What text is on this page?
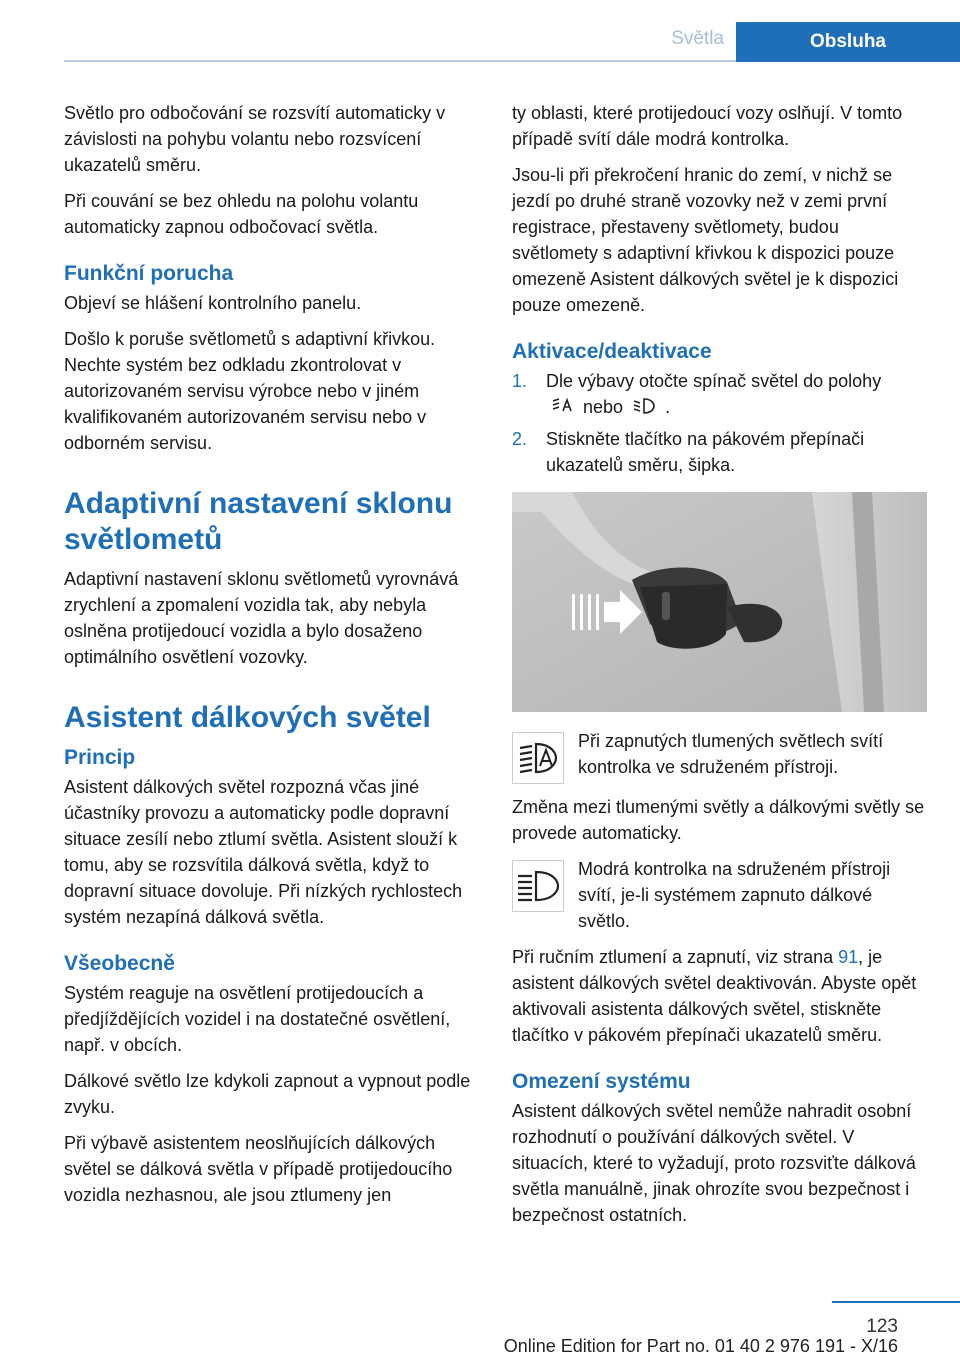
Světla	Obsluha

Světlo pro odbočování se rozsvítí automaticky v závislosti na pohybu volantu nebo rozsvícení ukazatelů směru.

Při couvání se bez ohledu na polohu volantu automaticky zapnou odbočovací světla.

Funkční porucha

Objeví se hlášení kontrolního panelu.

Došlo k poruše světlometů s adaptivní křivkou. Nechte systém bez odkladu zkontrolovat v autorizovaném servisu výrobce nebo v jiném kvalifikovaném autorizovaném servisu nebo v odborném servisu.

Adaptivní nastavení sklonu světlometů

Adaptivní nastavení sklonu světlometů vyrovnává zrychlení a zpomalení vozidla tak, aby nebyla oslněna protijedoucí vozidla a bylo dosaženo optimálního osvětlení vozovky.

Asistent dálkových světel
Princip

Asistent dálkových světel rozpozná včas jiné účastníky provozu a automaticky podle dopravní situace zesílí nebo ztlumí světla. Asistent slouží k tomu, aby se rozsvítila dálková světla, když to dopravní situace dovoluje. Při nízkých rychlostech systém nezapíná dálková světla.

Všeobecně

Systém reaguje na osvětlení protijedoucích a předjíždějících vozidel i na dostatečné osvětlení, např. v obcích.

Dálkové světlo lze kdykoli zapnout a vypnout podle zvyku.

Při výbavě asistentem neoslňujících dálkových světel se dálková světla v případě protijedoucího vozidla nezhasnou, ale jsou ztlumeny jen

ty oblasti, které protijedoucí vozy oslňují. V tomto případě svítí dále modrá kontrolka.

Jsou-li při překročení hranic do zemí, v nichž se jezdí po druhé straně vozovky než v zemi první registrace, přestaveny světlomety, budou světlomety s adaptivní křivkou k dispozici pouze omezeně Asistent dálkových světel je k dispozici pouze omezeně.

Aktivace/deaktivace
1.	Dle výbavy otočte spínač světel do polohy
nebo .
2.	Stiskněte tlačítko na pákovém přepínači ukazatelů směru, šipka.

Při zapnutých tlumených světlech svítí kontrolka ve sdruženém přístroji.

Změna mezi tlumenými světly a dálkovými světly se provede automaticky.

Modrá kontrolka na sdruženém přístroji svítí, je-li systémem zapnuto dálkové světlo.

Při ručním ztlumení a zapnutí, viz strana 91, je asistent dálkových světel deaktivován. Abyste opět aktivovali asistenta dálkových světel, stiskněte tlačítko v pákovém přepínači ukazatelů směru.

Omezení systému

Asistent dálkových světel nemůže nahradit osobní rozhodnutí o používání dálkových světel. V situacích, které to vyžadují, proto rozsviťte dálková světla manuálně, jinak ohrozíte svou bezpečnost i bezpečnost ostatních.

123
Online Edition for Part no. 01 40 2 976 191 - X/16
